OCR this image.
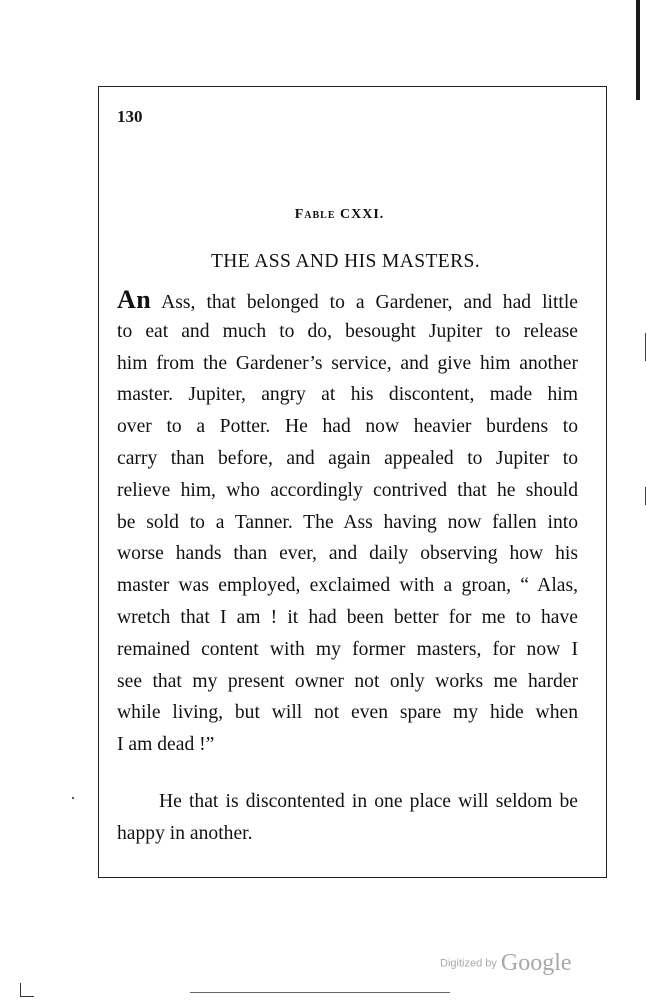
130
Fable CXXI.
THE ASS AND HIS MASTERS.
An Ass, that belonged to a Gardener, and had little
to eat and much to do, besought Jupiter to release
him from the Gardener’s service, and give him another
master. Jupiter, angry at his discontent, made him
over to a Potter. He had now heavier burdens to
carry than before, and again appealed to Jupiter to
relieve him, who accordingly contrived that he should
be sold to a Tanner. The Ass having now fallen into
worse hands than ever, and daily observing how his
master was employed, exclaimed with a groan, “ Alas,
wretch that I am ! it had been better for me to have
remained content with my former masters, for now I
see that my present owner not only works me harder
while living, but will not even spare my hide when
I am dead !”
He that is discontented in one place will seldom be
happy in another.
Digitized by Google
